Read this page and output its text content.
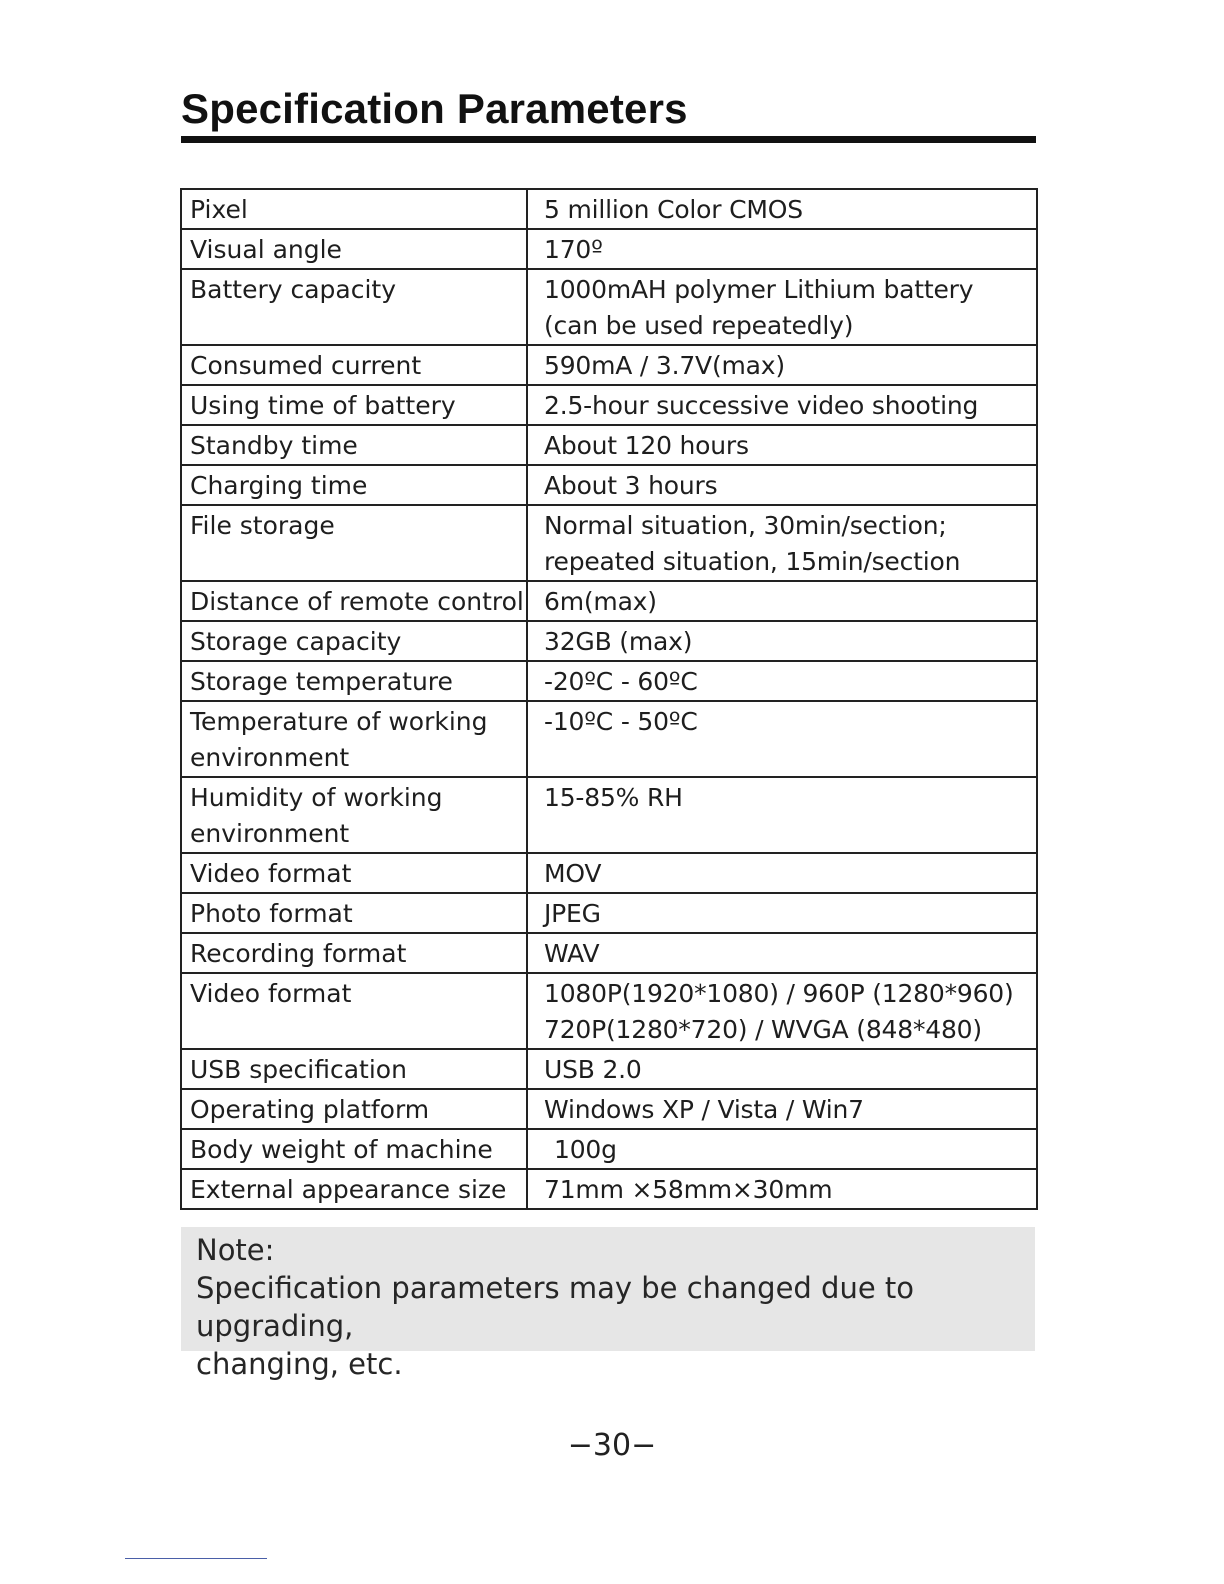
Specification Parameters
Pixel	5 million Color CMOS

Visual angle	170º

Battery capacity	1000mAH polymer Lithium battery
(can be used repeatedly)

Consumed current	590mA / 3.7V(max)

Using time of battery	2.5-hour successive video shooting

Standby time	About 120 hours

Charging time	About 3 hours

File storage	Normal situation, 30min/section;
repeated situation, 15min/section

Distance of remote control	6m(max)

Storage capacity	32GB (max)

Storage temperature	-20ºC - 60ºC

Temperature of working
environment	-10ºC - 50ºC

Humidity of working
environment	15-85% RH

Video format	MOV

Photo format	JPEG

Recording format	WAV

Video format	1080P(1920*1080) / 960P (1280*960)
720P(1280*720) / WVGA (848*480)

USB specification	USB 2.0

Operating platform	Windows XP / Vista / Win7

Body weight of machine	100g

External appearance size	71mm ×58mm×30mm
Note:
Specification parameters may be changed due to upgrading,
changing, etc.
−30−
